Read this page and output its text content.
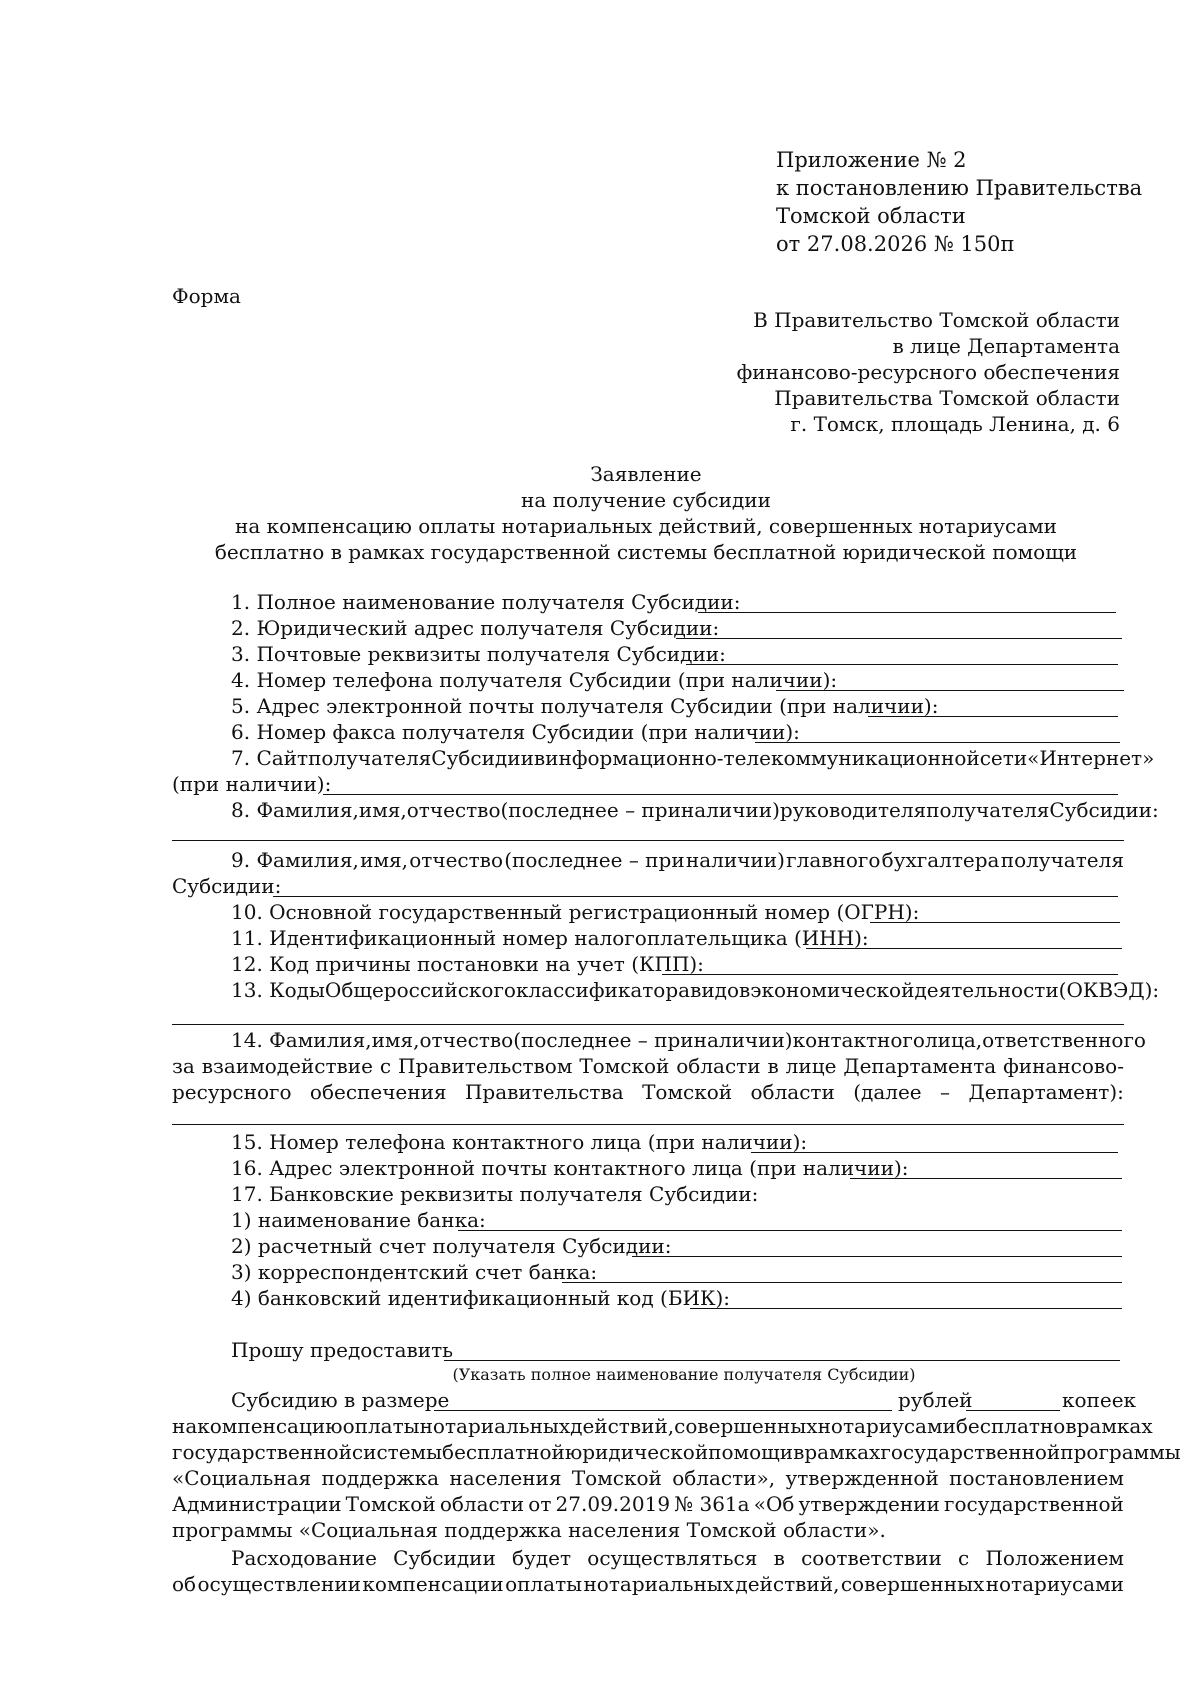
Приложение № 2
к постановлению Правительства
Томской области
от 27.08.2026 № 150п
Форма
В Правительство Томской области
в лице Департамента
финансово-ресурсного обеспечения
Правительства Томской области
г. Томск, площадь Ленина, д. 6
Заявление
на получение субсидии
на компенсацию оплаты нотариальных действий, совершенных нотариусами
бесплатно в рамках государственной системы бесплатной юридической помощи
1. Полное наименование получателя Субсидии:
2. Юридический адрес получателя Субсидии:
3. Почтовые реквизиты получателя Субсидии:
4. Номер телефона получателя Субсидии (при наличии):
5. Адрес электронной почты получателя Субсидии (при наличии):
6. Номер факса получателя Субсидии (при наличии):
7. Сайт получателя Субсидии в информационно-телекоммуникационной сети «Интернет»
(при наличии):
8. Фамилия, имя, отчество (последнее – при наличии) руководителя получателя Субсидии:
9. Фамилия, имя, отчество (последнее – при наличии) главного бухгалтера получателя
Субсидии:
10. Основной государственный регистрационный номер (ОГРН):
11. Идентификационный номер налогоплательщика (ИНН):
12. Код причины постановки на учет (КПП):
13. Коды Общероссийского классификатора видов экономической деятельности (ОКВЭД):
14. Фамилия, имя, отчество (последнее – при наличии) контактного лица, ответственного
за взаимодействие с Правительством Томской области в лице Департамента финансово-
ресурсного обеспечения Правительства Томской области (далее – Департамент):
15. Номер телефона контактного лица (при наличии):
16. Адрес электронной почты контактного лица (при наличии):
17. Банковские реквизиты получателя Субсидии:
1) наименование банка:
2) расчетный счет получателя Субсидии:
3) корреспондентский счет банка:
4) банковский идентификационный код (БИК):
Прошу предоставить
(Указать полное наименование получателя Субсидии)
Субсидию в размере	рублей	копеек
на компенсацию оплаты нотариальных действий, совершенных нотариусами бесплатно в рамках
государственной системы бесплатной юридической помощи в рамках государственной программы
«Социальная поддержка населения Томской области», утвержденной постановлением
Администрации Томской области от 27.09.2019 № 361а «Об утверждении государственной
программы «Социальная поддержка населения Томской области».
Расходование Субсидии будет осуществляться в соответствии с Положением
об осуществлении компенсации оплаты нотариальных действий, совершенных нотариусами
